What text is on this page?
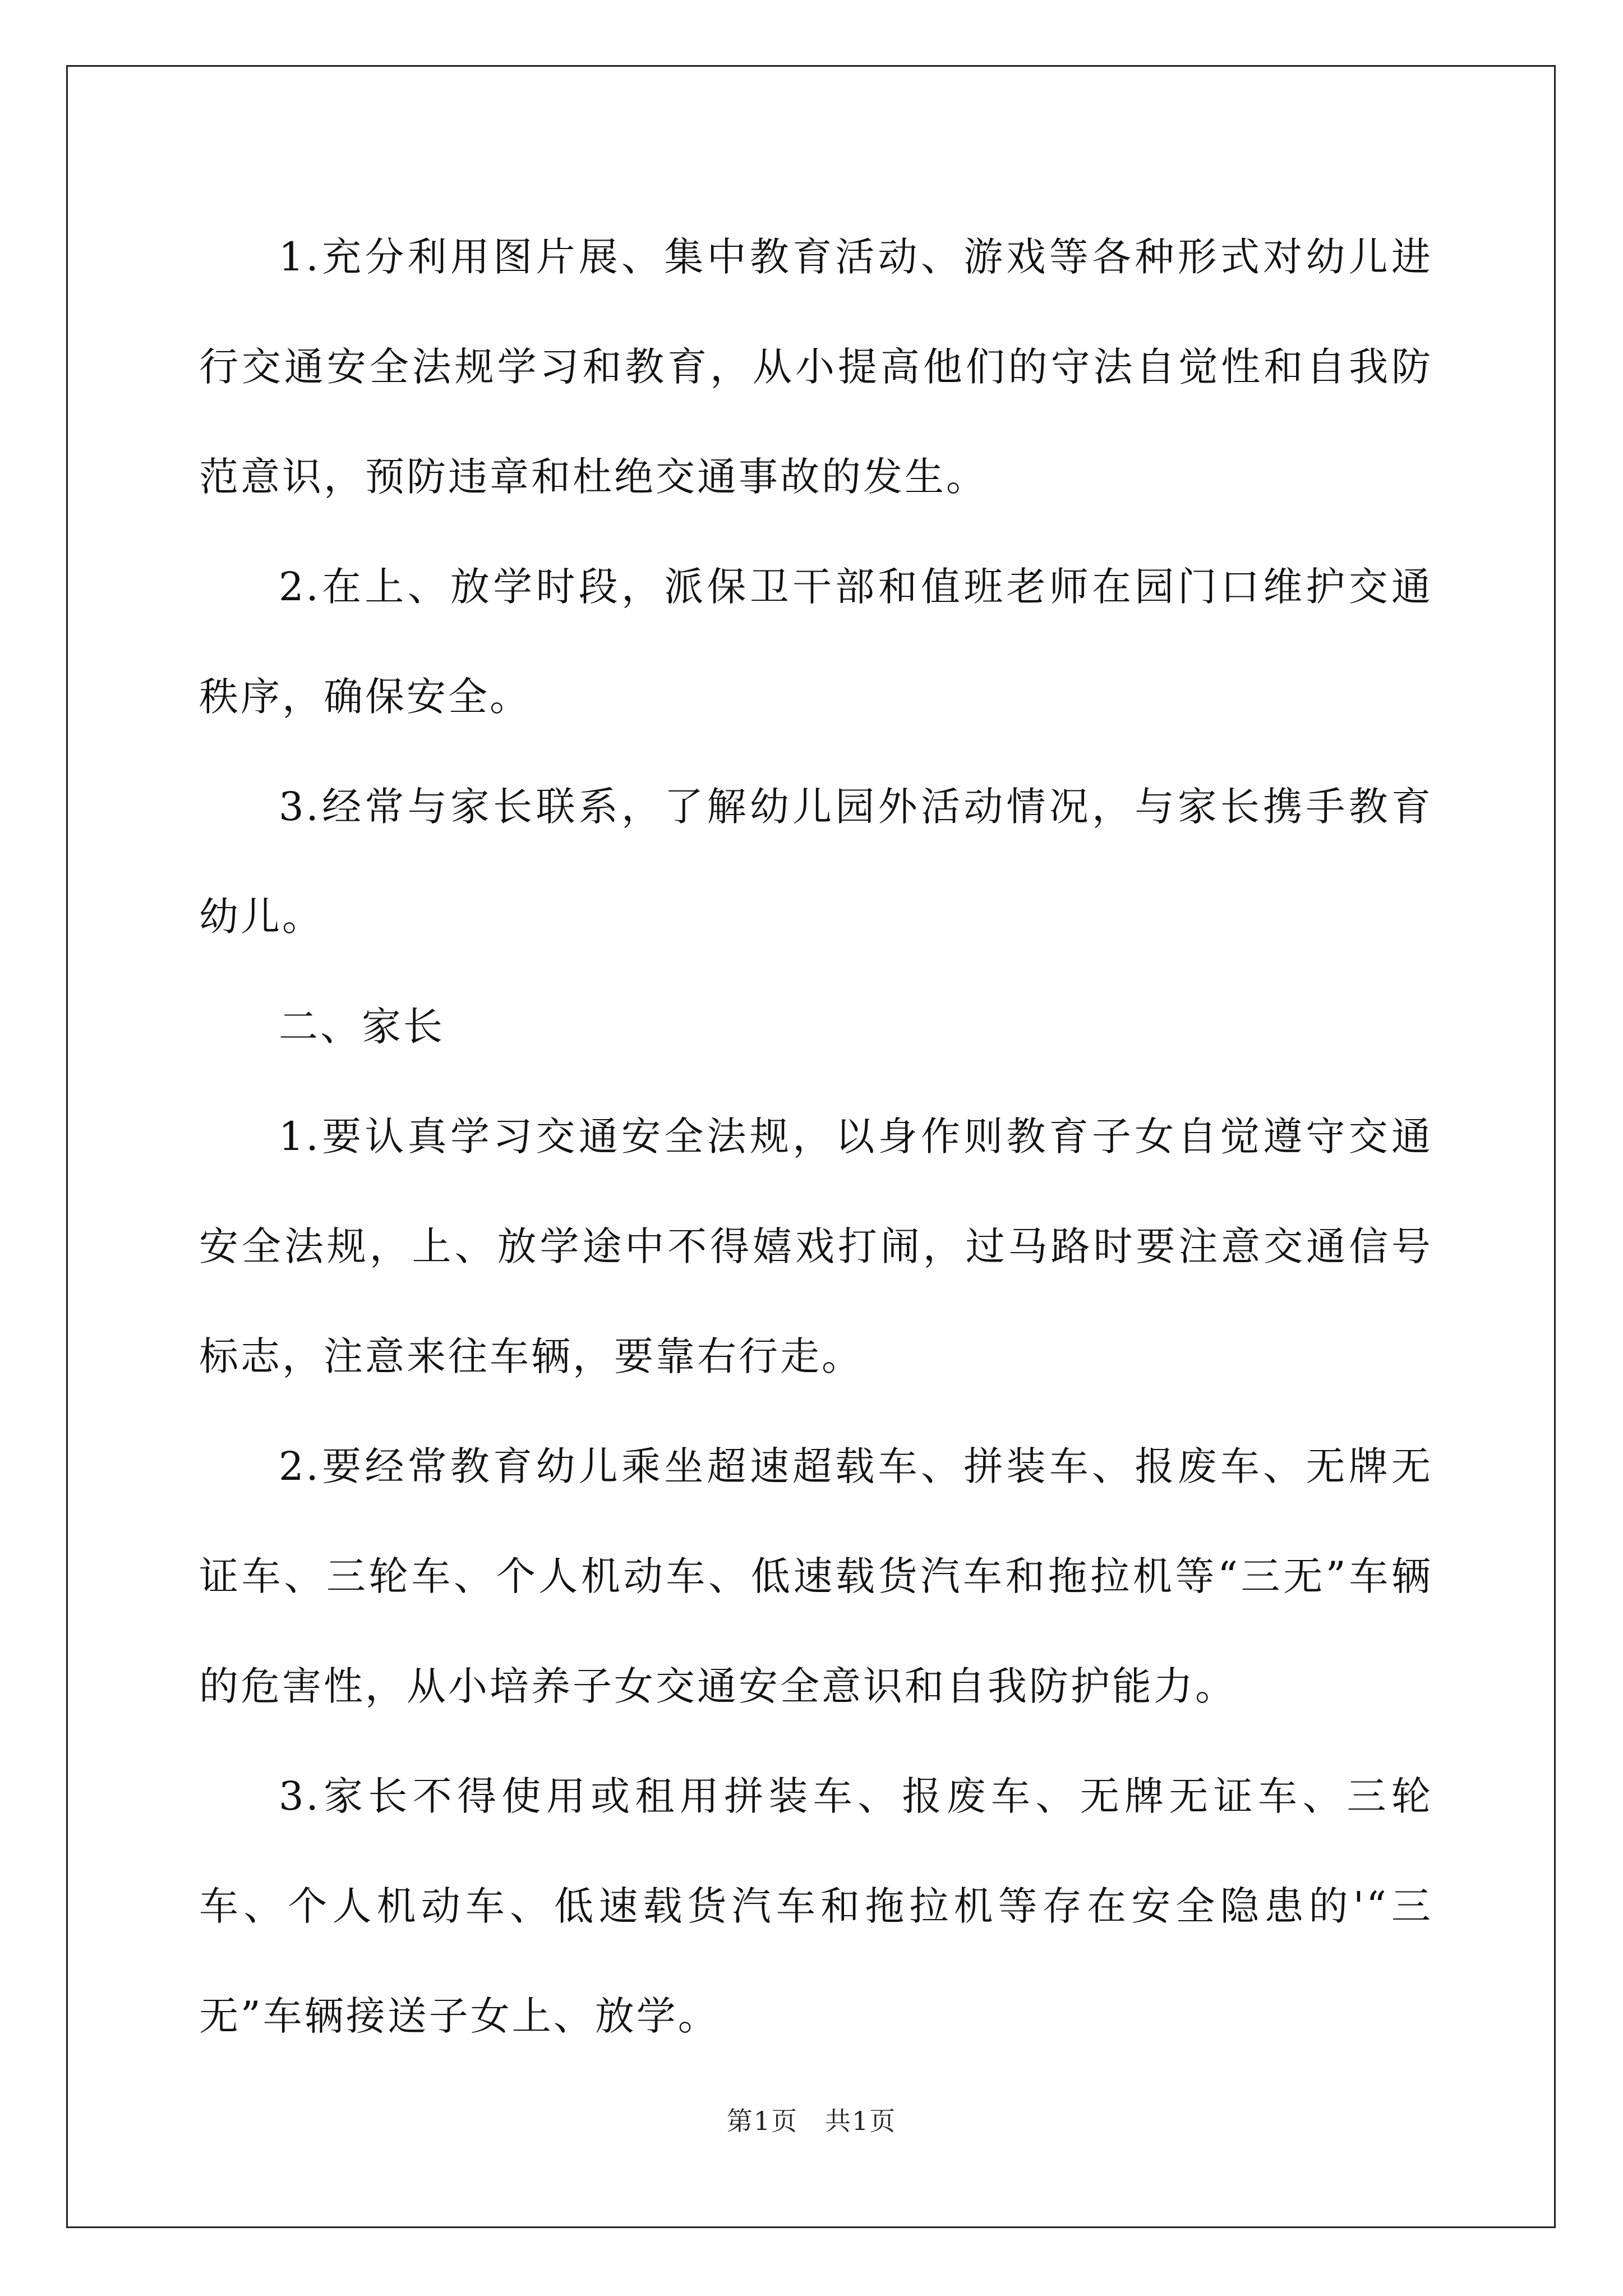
1.充分利用图片展、集中教育活动、游戏等各种形式对幼儿进行交通安全法规学习和教育，从小提高他们的守法自觉性和自我防范意识，预防违章和杜绝交通事故的发生。

2.在上、放学时段，派保卫干部和值班老师在园门口维护交通秩序，确保安全。

3.经常与家长联系，了解幼儿园外活动情况，与家长携手教育幼儿。

二、家长

1.要认真学习交通安全法规，以身作则教育子女自觉遵守交通安全法规，上、放学途中不得嬉戏打闹，过马路时要注意交通信号标志，注意来往车辆，要靠右行走。

2.要经常教育幼儿乘坐超速超载车、拼装车、报废车、无牌无证车、三轮车、个人机动车、低速载货汽车和拖拉机等“三无”车辆的危害性，从小培养子女交通安全意识和自我防护能力。

3.家长不得使用或租用拼装车、报废车、无牌无证车、三轮车、个人机动车、低速载货汽车和拖拉机等存在安全隐患的'“三无”车辆接送子女上、放学。

第1页 共1页
